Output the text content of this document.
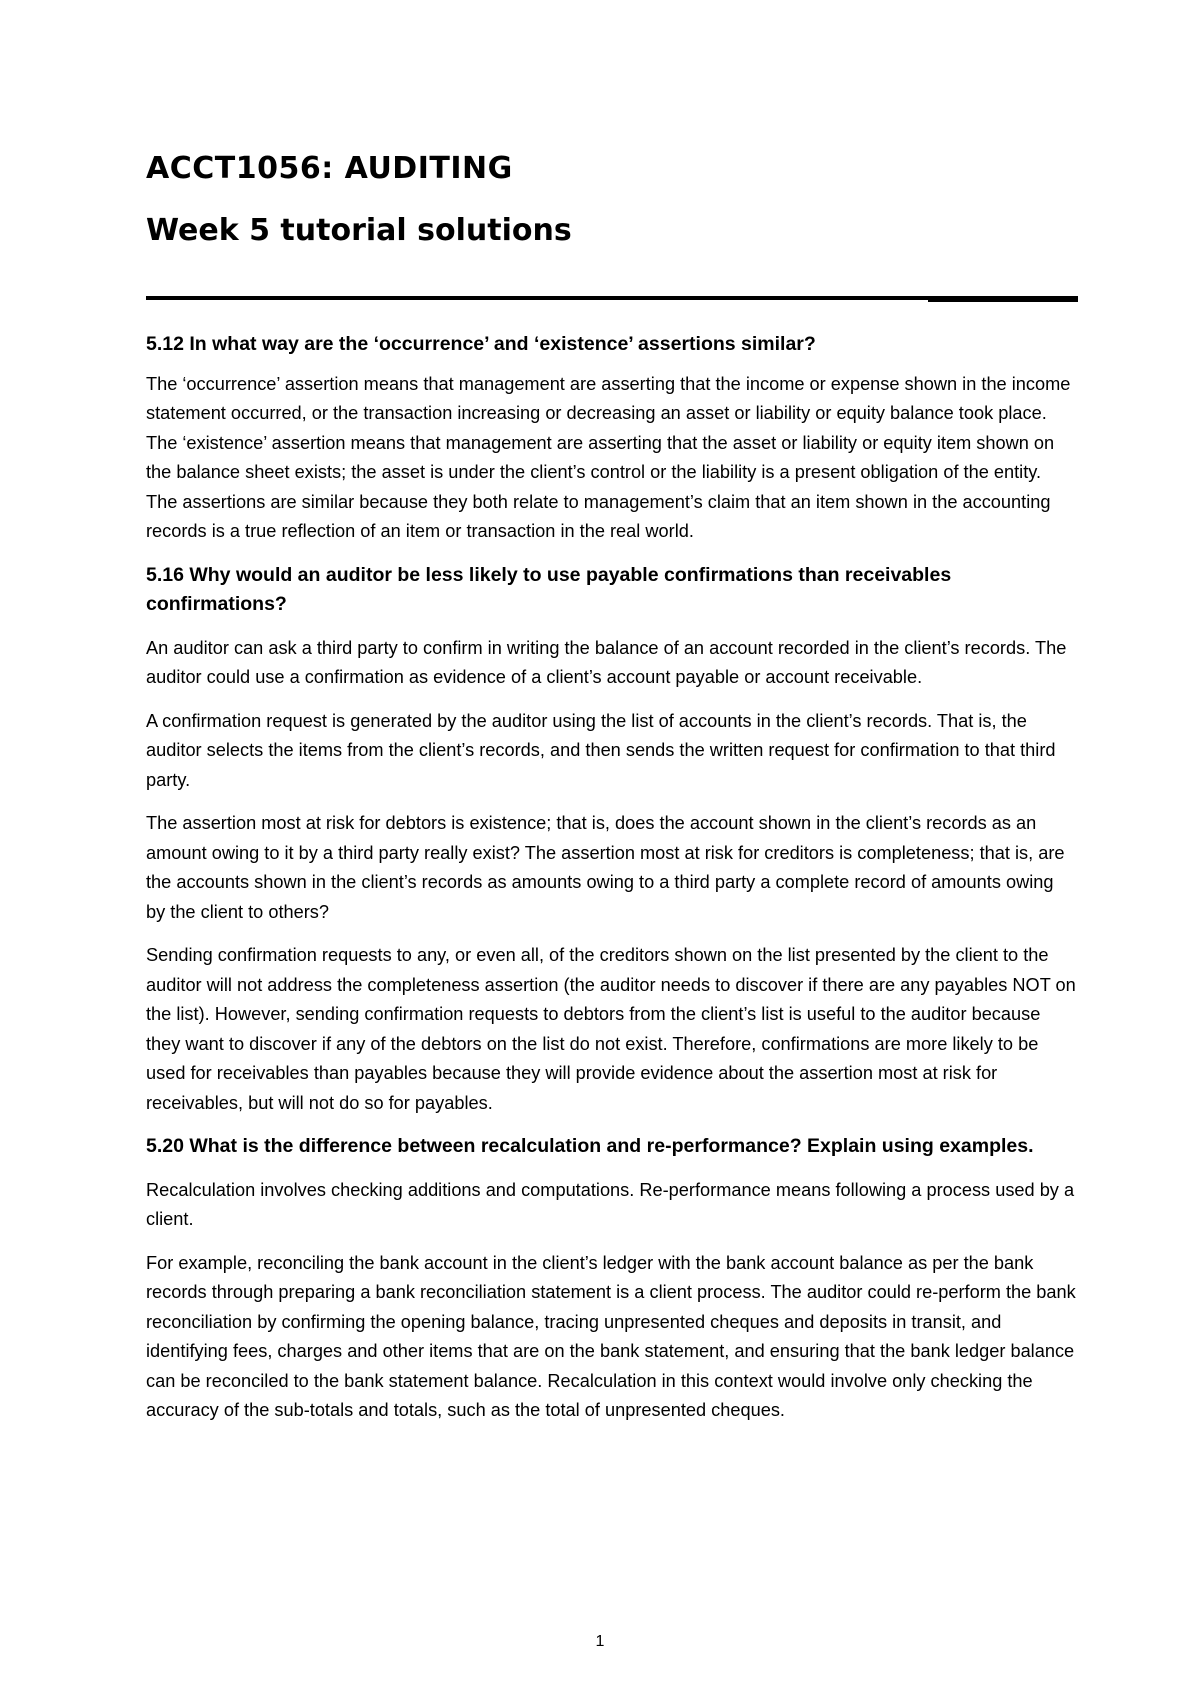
ACCT1056: AUDITING
Week 5 tutorial solutions

5.12 In what way are the ‘occurrence’ and ‘existence’ assertions similar?

The ‘occurrence’ assertion means that management are asserting that the income or expense shown in the income statement occurred, or the transaction increasing or decreasing an asset or liability or equity balance took place. The ‘existence’ assertion means that management are asserting that the asset or liability or equity item shown on the balance sheet exists; the asset is under the client’s control or the liability is a present obligation of the entity. The assertions are similar because they both relate to management’s claim that an item shown in the accounting records is a true reflection of an item or transaction in the real world.

5.16 Why would an auditor be less likely to use payable confirmations than receivables confirmations?

An auditor can ask a third party to confirm in writing the balance of an account recorded in the client’s records. The auditor could use a confirmation as evidence of a client’s account payable or account receivable.

A confirmation request is generated by the auditor using the list of accounts in the client’s records. That is, the auditor selects the items from the client’s records, and then sends the written request for confirmation to that third party.

The assertion most at risk for debtors is existence; that is, does the account shown in the client’s records as an amount owing to it by a third party really exist? The assertion most at risk for creditors is completeness; that is, are the accounts shown in the client’s records as amounts owing to a third party a complete record of amounts owing by the client to others?

Sending confirmation requests to any, or even all, of the creditors shown on the list presented by the client to the auditor will not address the completeness assertion (the auditor needs to discover if there are any payables NOT on the list). However, sending confirmation requests to debtors from the client’s list is useful to the auditor because they want to discover if any of the debtors on the list do not exist. Therefore, confirmations are more likely to be used for receivables than payables because they will provide evidence about the assertion most at risk for receivables, but will not do so for payables.

5.20 What is the difference between recalculation and re-performance? Explain using examples.

Recalculation involves checking additions and computations. Re-performance means following a process used by a client.

For example, reconciling the bank account in the client’s ledger with the bank account balance as per the bank records through preparing a bank reconciliation statement is a client process. The auditor could re-perform the bank reconciliation by confirming the opening balance, tracing unpresented cheques and deposits in transit, and identifying fees, charges and other items that are on the bank statement, and ensuring that the bank ledger balance can be reconciled to the bank statement balance. Recalculation in this context would involve only checking the accuracy of the sub-totals and totals, such as the total of unpresented cheques.

1
